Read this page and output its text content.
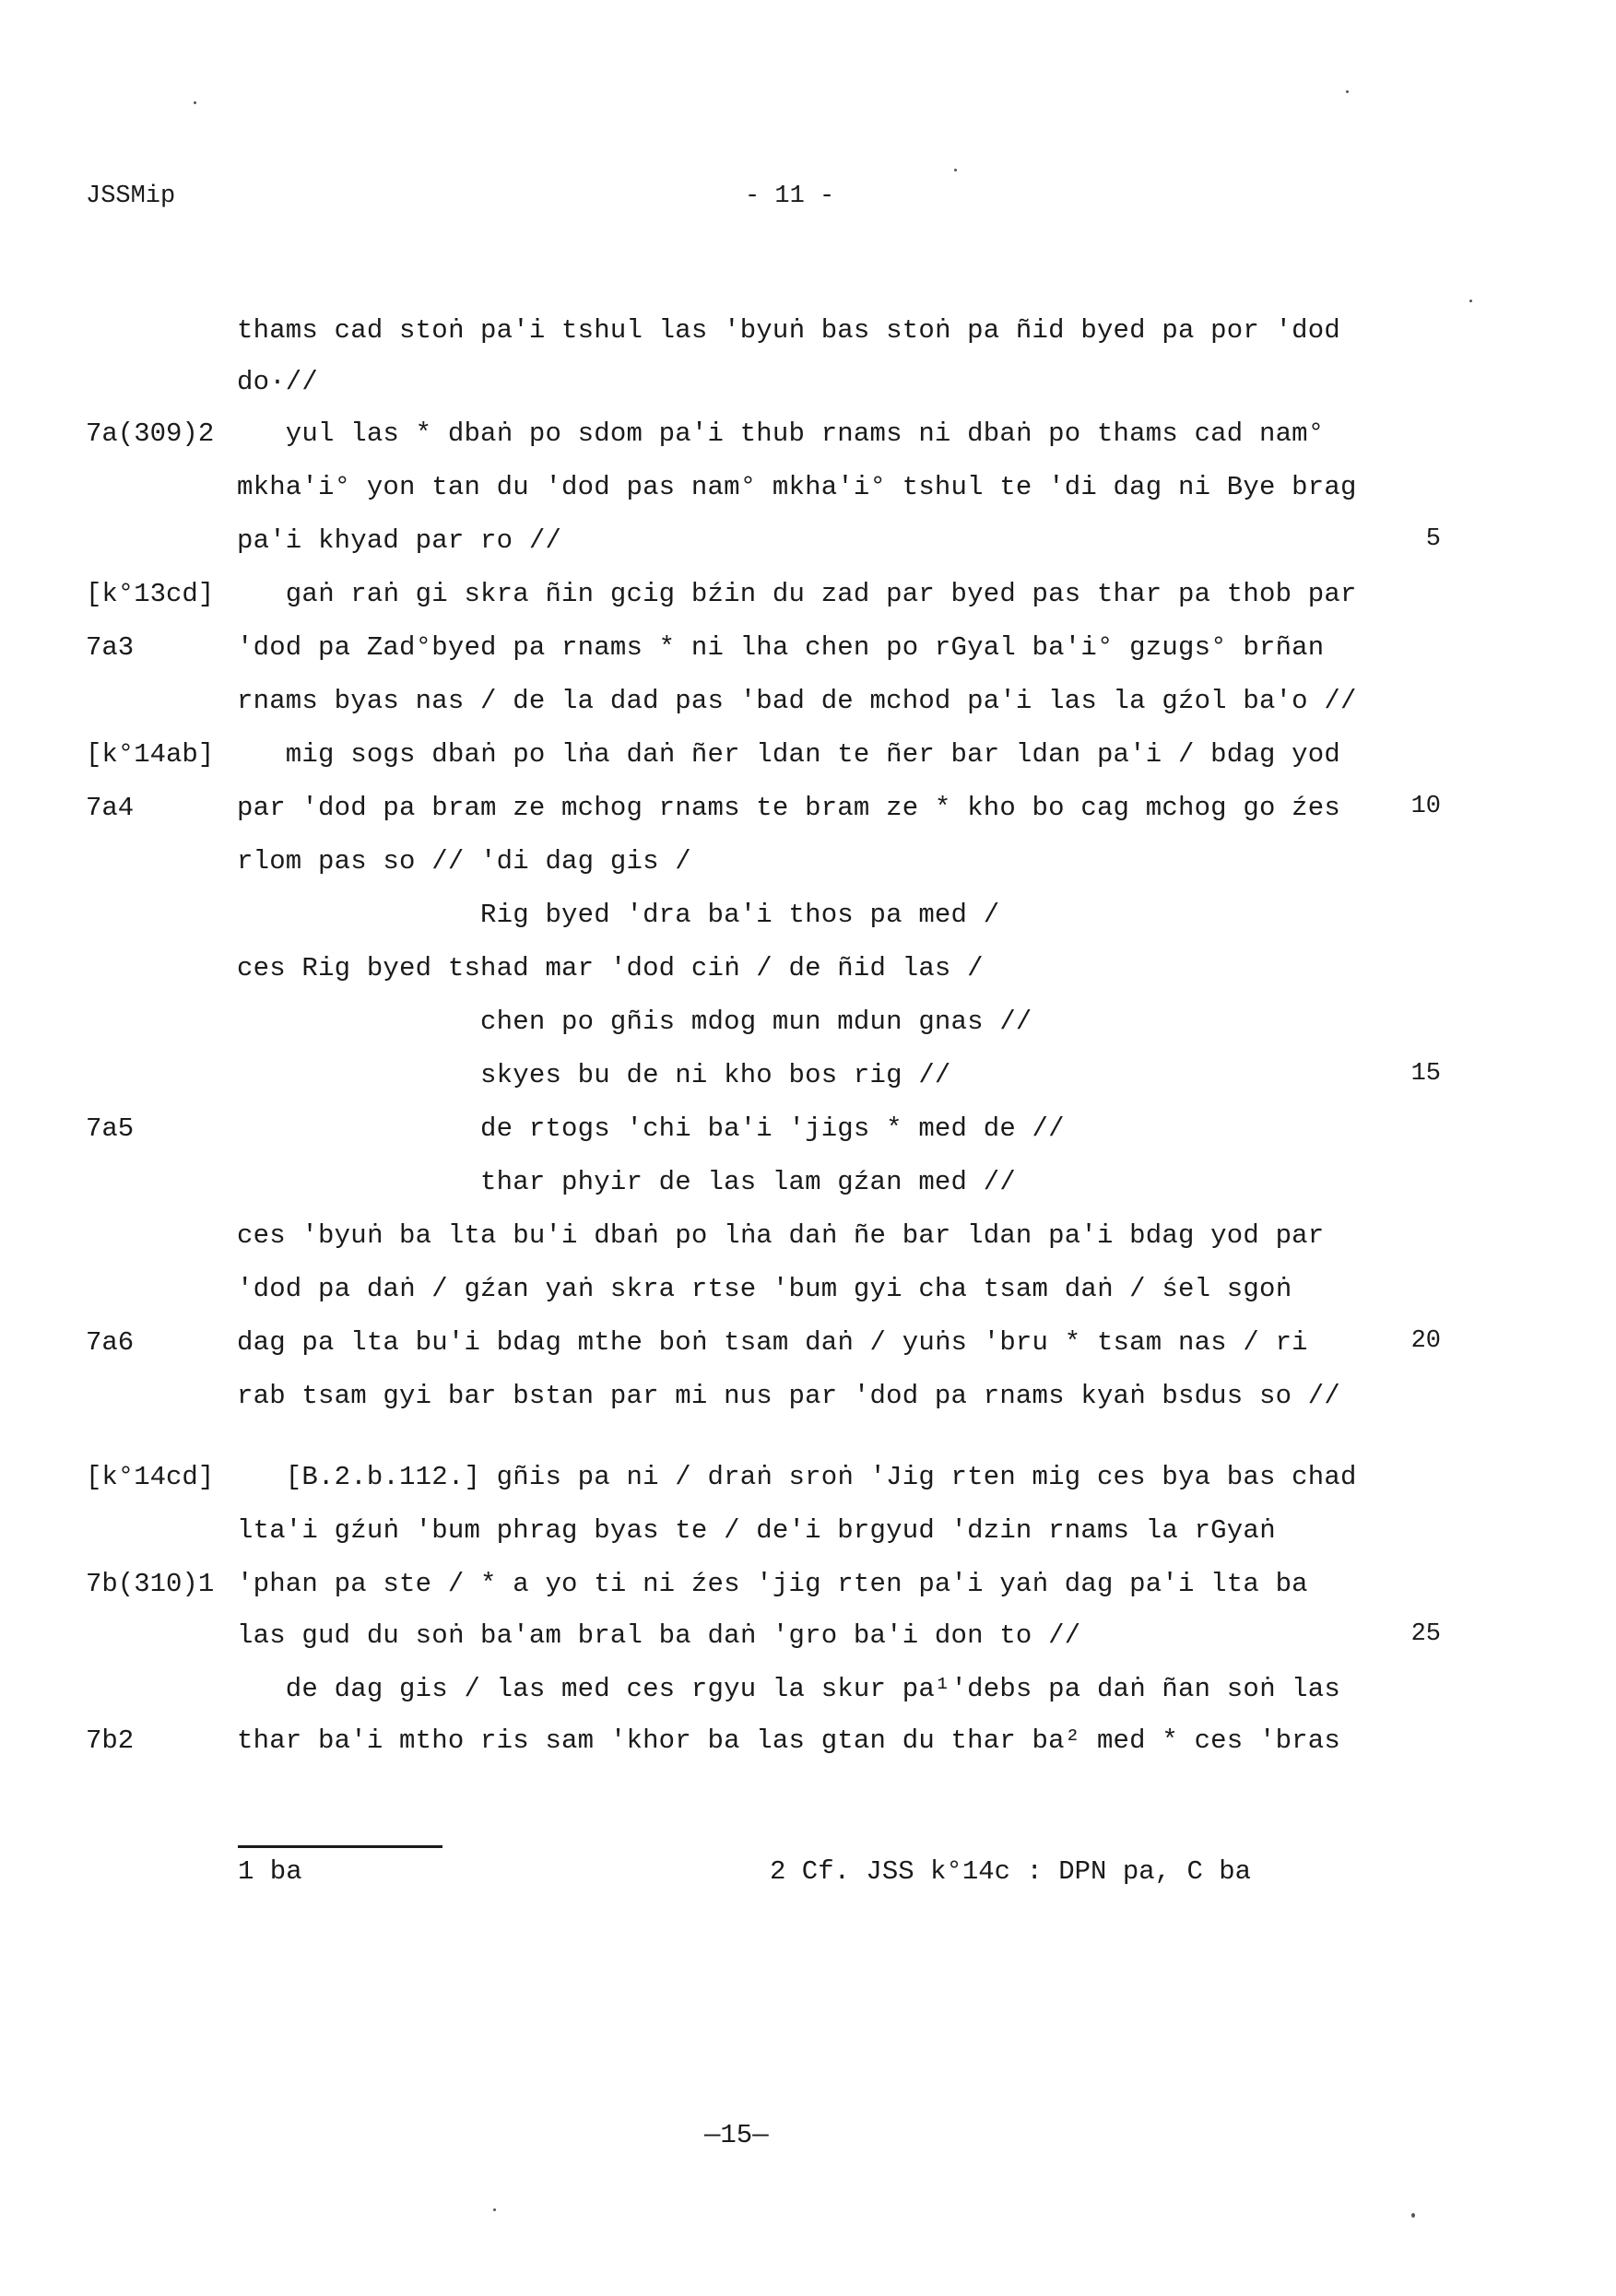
JSSMip	- 11 -
thams cad stoṅ pa'i tshul las 'byuṅ bas stoṅ pa ñid byed pa por 'dod
do·//
7a(309)2 yul las * dbaṅ po sdom pa'i thub rnams ni dbaṅ po thams cad nam°
mkha'i° yon tan du 'dod pas nam° mkha'i° tshul te 'di dag ni Bye brag
pa'i khyad par ro //	5
[k°13cd] gaṅ raṅ gi skra ñin gcig bźin du zad par byed pas thar pa thob par
7a3	'dod pa Zad°byed pa rnams * ni lha chen po rGyal ba'i° gzugs° brñan
rnams byas nas / de la dad pas 'bad de mchod pa'i las la gźol ba'o //
[k°14ab] mig sogs dbaṅ po lṅa daṅ ñer ldan te ñer bar ldan pa'i / bdag yod
7a4	par 'dod pa bram ze mchog rnams te bram ze * kho bo cag mchog go źes	10
rlom pas so // 'di dag gis /
Rig byed 'dra ba'i thos pa med /
ces Rig byed tshad mar 'dod ciṅ / de ñid las /
chen po gñis mdog mun mdun gnas //
skyes bu de ni kho bos rig //	15
7a5	de rtogs 'chi ba'i 'jigs * med de //
thar phyir de las lam gźan med //
ces 'byuṅ ba lta bu'i dbaṅ po lṅa daṅ ñe bar ldan pa'i bdag yod par
'dod pa daṅ / gźan yaṅ skra rtse 'bum gyi cha tsam daṅ / śel sgoṅ
7a6	dag pa lta bu'i bdag mthe boṅ tsam daṅ / yuṅs 'bru * tsam nas / ri	20
rab tsam gyi bar bstan par mi nus par 'dod pa rnams kyaṅ bsdus so //
[k°14cd] [B.2.b.112.] gñis pa ni / draṅ sroṅ 'Jig rten mig ces bya bas chad
lta'i gźuṅ 'bum phrag byas te / de'i brgyud 'dzin rnams la rGyaṅ
7b(310)1 'phan pa ste / * a yo ti ni źes 'jig rten pa'i yaṅ dag pa'i lta ba
las gud du soṅ ba'am bral ba daṅ 'gro ba'i don to //	25
de dag gis / las med ces rgyu la skur pa¹'debs pa daṅ ñan soṅ las
7b2	thar ba'i mtho ris sam 'khor ba las gtan du thar ba² med * ces 'bras
1 ba	2 Cf. JSS k°14c : DPN pa, C ba
—15—
